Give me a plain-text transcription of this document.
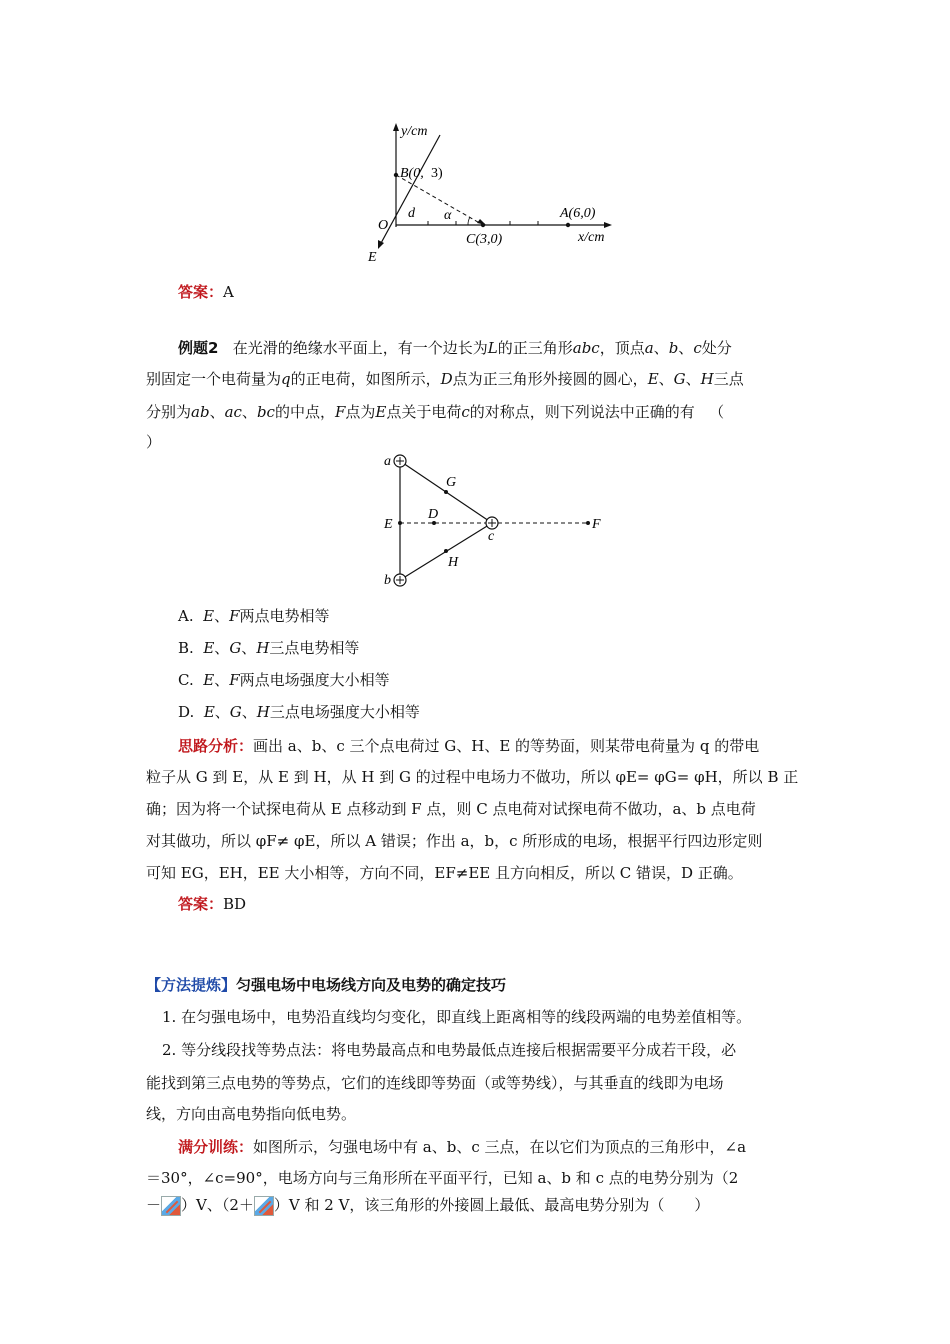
y/cm
x/cm
O
B(0, 3)
A(6,0)
C(3,0)
d α
E
答案：A
例题2 在光滑的绝缘水平面上，有一个边长为L的正三角形abc，顶点a、b、c处分
别固定一个电荷量为q的正电荷，如图所示，D点为正三角形外接圆的圆心，E、G、H三点
分别为ab、ac、bc的中点，F点为E点关于电荷c的对称点，则下列说法中正确的有 （
）
a
b
c
D
E	F
G
H
A. E、F两点电势相等
B. E、G、H三点电势相等
C. E、F两点电场强度大小相等
D. E、G、H三点电场强度大小相等
思路分析：画出 a、b、c 三个点电荷过 G、H、E 的等势面，则某带电荷量为 q 的带电
粒子从 G 到 E，从 E 到 H，从 H 到 G 的过程中电场力不做功，所以 φE= φG= φH，所以 B 正
确；因为将一个试探电荷从 E 点移动到 F 点，则 C 点电荷对试探电荷不做功，a、b 点电荷
对其做功，所以 φF≠ φE，所以 A 错误；作出 a，b，c 所形成的电场，根据平行四边形定则
可知 EG，EH，EE 大小相等，方向不同，EF≠EE 且方向相反，所以 C 错误，D 正确。
答案：BD
【方法提炼】匀强电场中电场线方向及电势的确定技巧
1. 在匀强电场中，电势沿直线均匀变化，即直线上距离相等的线段两端的电势差值相等。
2. 等分线段找等势点法：将电势最高点和电势最低点连接后根据需要平分成若干段，必
能找到第三点电势的等势点，它们的连线即等势面（或等势线），与其垂直的线即为电场
线，方向由高电势指向低电势。
满分训练：如图所示，匀强电场中有 a、b、c 三点，在以它们为顶点的三角形中，∠a
＝30°，∠c=90°，电场方向与三角形所在平面平行，已知 a、b 和 c 点的电势分别为（2
－ ）V、（2＋ ）V 和 2 V，该三角形的外接圆上最低、最高电势分别为（　　）
